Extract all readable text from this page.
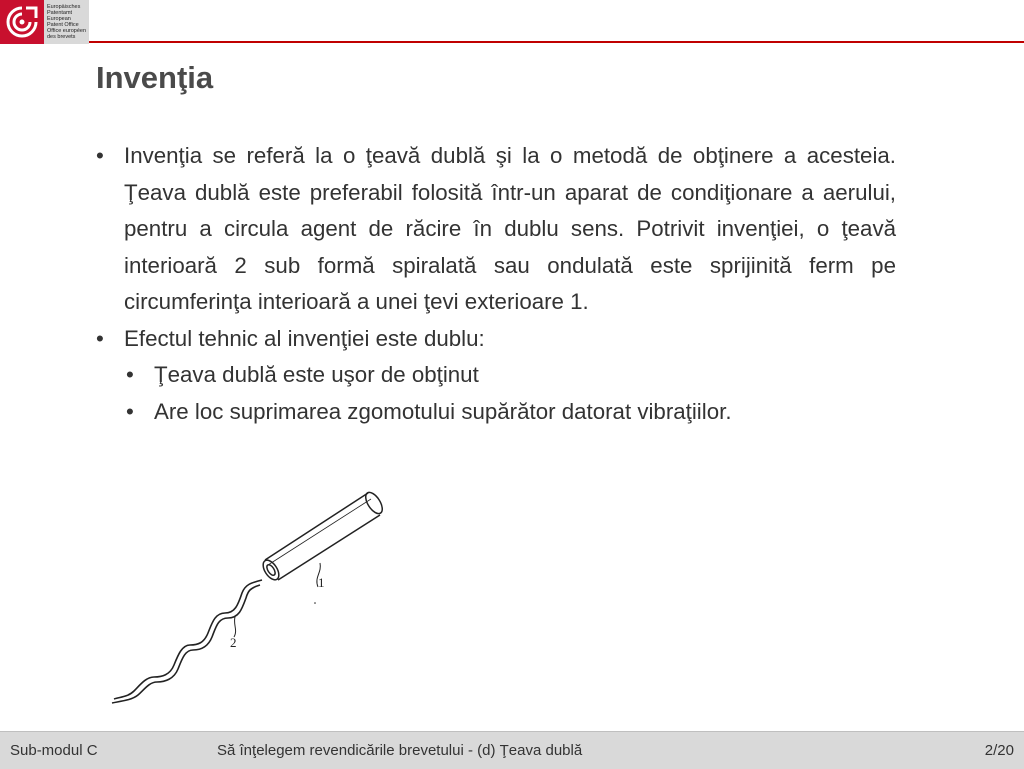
Europäisches
Patentamt
European
Patent Office
Office européen
des brevets
Invenţia
• Invenţia se referă la o ţeavă dublă şi la o metodă de obţinere a acesteia. Ţeava dublă este preferabil folosită într-un aparat de condiţionare a aerului, pentru a circula agent de răcire în dublu sens. Potrivit invenţiei, o ţeavă interioară 2 sub formă spiralată sau ondulată este sprijinită ferm pe circumferinţa interioară a unei ţevi exterioare 1.
• Efectul tehnic al invenţiei este dublu:
• Ţeava dublă este uşor de obţinut
• Are loc suprimarea zgomotului supărător datorat vibraţiilor.
1
2
Sub-modul C	Să înţelegem revendicările brevetului - (d) Ţeava dublă	2/20
